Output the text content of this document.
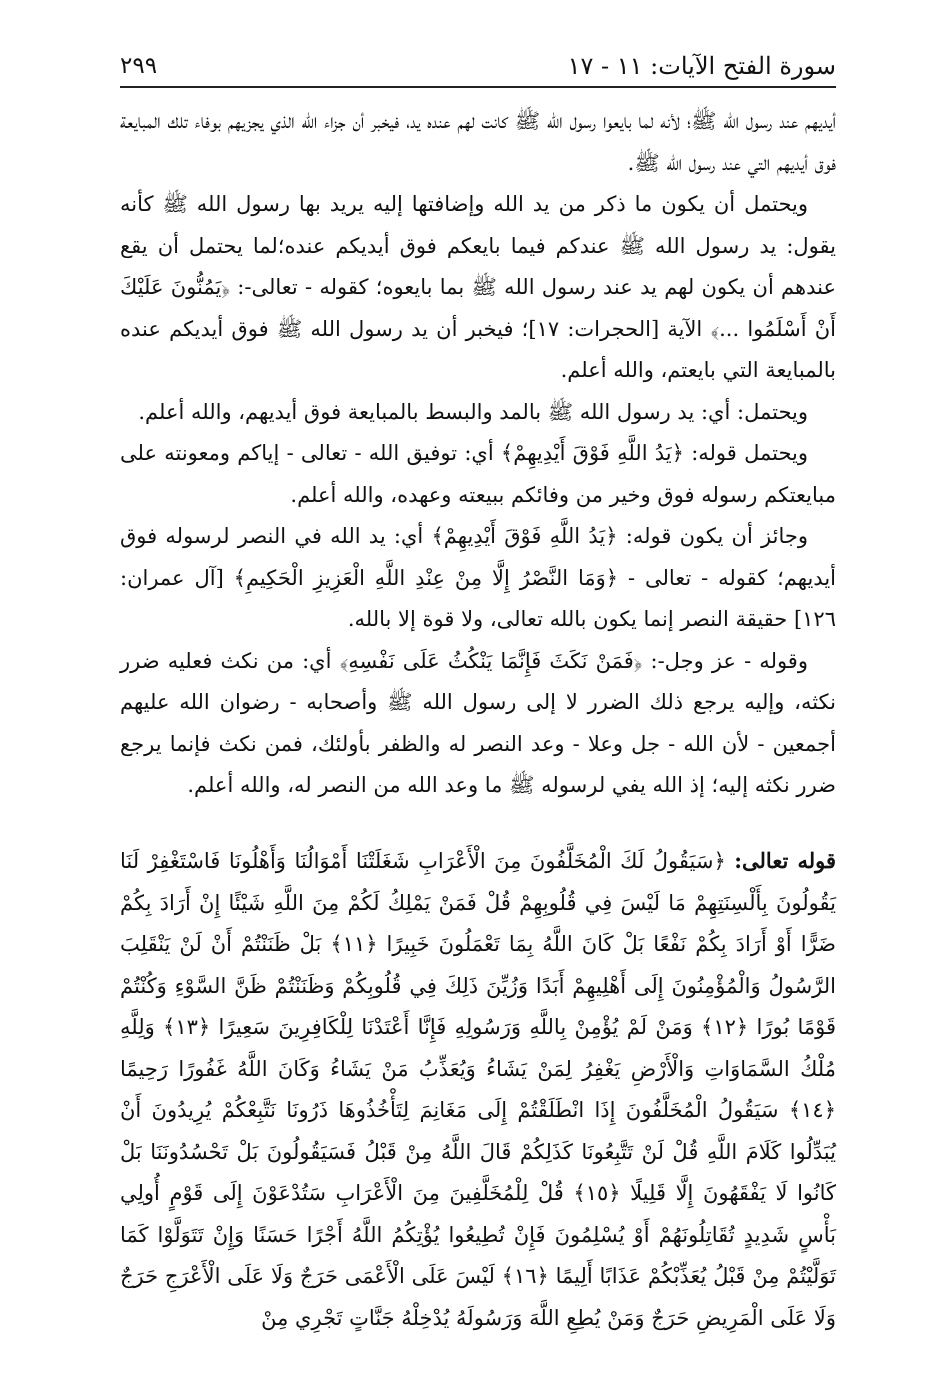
سورة الفتح الآيات: ١١ - ١٧
٢٩٩

أيديهم عند رسول الله ﷺ؛ لأنه لما بايعوا رسول الله ﷺ كانت لهم عنده يد، فيخبر أن جزاء الله الذي يجزيهم بوفاء تلك المبايعة فوق أيديهم التي عند رسول الله ﷺ.

ويحتمل أن يكون ما ذكر من يد الله وإضافتها إليه يريد بها رسول الله ﷺ كأنه يقول: يد رسول الله ﷺ عندكم فيما بايعكم فوق أيديكم عنده؛لما يحتمل أن يقع عندهم أن يكون لهم يد عند رسول الله ﷺ بما بايعوه؛ كقوله - تعالى-: ﴿يَمُنُّونَ عَلَيْكَ أَنْ أَسْلَمُوا ...﴾ الآية [الحجرات: ١٧]؛ فيخبر أن يد رسول الله ﷺ فوق أيديكم عنده بالمبايعة التي بايعتم، والله أعلم.

ويحتمل: أي: يد رسول الله ﷺ بالمد والبسط بالمبايعة فوق أيديهم، والله أعلم.

ويحتمل قوله: ﴿يَدُ اللَّهِ فَوْقَ أَيْدِيهِمْ﴾ أي: توفيق الله - تعالى - إياكم ومعونته على مبايعتكم رسوله فوق وخير من وفائكم ببيعته وعهده، والله أعلم.

وجائز أن يكون قوله: ﴿يَدُ اللَّهِ فَوْقَ أَيْدِيهِمْ﴾ أي: يد الله في النصر لرسوله فوق أيديهم؛ كقوله - تعالى - ﴿وَمَا النَّصْرُ إِلَّا مِنْ عِنْدِ اللَّهِ الْعَزِيزِ الْحَكِيمِ﴾ [آل عمران: ١٢٦] حقيقة النصر إنما يكون بالله تعالى، ولا قوة إلا بالله.

وقوله - عز وجل-: ﴿فَمَنْ نَكَثَ فَإِنَّمَا يَنْكُثُ عَلَى نَفْسِهِ﴾ أي: من نكث فعليه ضرر نكثه، وإليه يرجع ذلك الضرر لا إلى رسول الله ﷺ وأصحابه - رضوان الله عليهم أجمعين - لأن الله - جل وعلا - وعد النصر له والظفر بأولئك، فمن نكث فإنما يرجع ضرر نكثه إليه؛ إذ الله يفي لرسوله ﷺ ما وعد الله من النصر له، والله أعلم.

قوله تعالى: ﴿سَيَقُولُ لَكَ الْمُخَلَّفُونَ مِنَ الْأَعْرَابِ شَغَلَتْنَا أَمْوَالُنَا وَأَهْلُونَا فَاسْتَغْفِرْ لَنَا يَقُولُونَ بِأَلْسِنَتِهِمْ مَا لَيْسَ فِي قُلُوبِهِمْ قُلْ فَمَنْ يَمْلِكُ لَكُمْ مِنَ اللَّهِ شَيْئًا إِنْ أَرَادَ بِكُمْ ضَرًّا أَوْ أَرَادَ بِكُمْ نَفْعًا بَلْ كَانَ اللَّهُ بِمَا تَعْمَلُونَ خَبِيرًا ﴿١١﴾ بَلْ ظَنَنْتُمْ أَنْ لَنْ يَنْقَلِبَ الرَّسُولُ وَالْمُؤْمِنُونَ إِلَى أَهْلِيهِمْ أَبَدًا وَزُيِّنَ ذَلِكَ فِي قُلُوبِكُمْ وَظَنَنْتُمْ ظَنَّ السَّوْءِ وَكُنْتُمْ قَوْمًا بُورًا ﴿١٢﴾ وَمَنْ لَمْ يُؤْمِنْ بِاللَّهِ وَرَسُولِهِ فَإِنَّا أَعْتَدْنَا لِلْكَافِرِينَ سَعِيرًا ﴿١٣﴾ وَلِلَّهِ مُلْكُ السَّمَاوَاتِ وَالْأَرْضِ يَغْفِرُ لِمَنْ يَشَاءُ وَيُعَذِّبُ مَنْ يَشَاءُ وَكَانَ اللَّهُ غَفُورًا رَحِيمًا ﴿١٤﴾ سَيَقُولُ الْمُخَلَّفُونَ إِذَا انْطَلَقْتُمْ إِلَى مَغَانِمَ لِتَأْخُذُوهَا ذَرُونَا نَتَّبِعْكُمْ يُرِيدُونَ أَنْ يُبَدِّلُوا كَلَامَ اللَّهِ قُلْ لَنْ تَتَّبِعُونَا كَذَلِكُمْ قَالَ اللَّهُ مِنْ قَبْلُ فَسَيَقُولُونَ بَلْ تَحْسُدُونَنَا بَلْ كَانُوا لَا يَفْقَهُونَ إِلَّا قَلِيلًا ﴿١٥﴾ قُلْ لِلْمُخَلَّفِينَ مِنَ الْأَعْرَابِ سَتُدْعَوْنَ إِلَى قَوْمٍ أُولِي بَأْسٍ شَدِيدٍ تُقَاتِلُونَهُمْ أَوْ يُسْلِمُونَ فَإِنْ تُطِيعُوا يُؤْتِكُمُ اللَّهُ أَجْرًا حَسَنًا وَإِنْ تَتَوَلَّوْا كَمَا تَوَلَّيْتُمْ مِنْ قَبْلُ يُعَذِّبْكُمْ عَذَابًا أَلِيمًا ﴿١٦﴾ لَيْسَ عَلَى الْأَعْمَى حَرَجٌ وَلَا عَلَى الْأَعْرَجِ حَرَجٌ وَلَا عَلَى الْمَرِيضِ حَرَجٌ وَمَنْ يُطِعِ اللَّهَ وَرَسُولَهُ يُدْخِلْهُ جَنَّاتٍ تَجْرِي مِنْ
